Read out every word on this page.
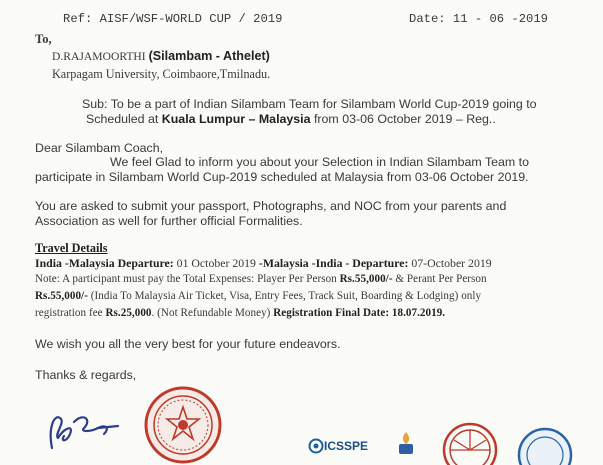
Ref: AISF/WSF-WORLD CUP / 2019	Date: 11 - 06 -2019
To,
D.RAJAMOORTHI (Silambam - Athelet)
Karpagam University, Coimbaore,Tmilnadu.
Sub: To be a part of Indian Silambam Team for Silambam World Cup-2019 going to
Scheduled at Kuala Lumpur – Malaysia from 03-06 October 2019 – Reg..
Dear Silambam Coach,
We feel Glad to inform you about your Selection in Indian Silambam Team to
participate in Silambam World Cup-2019 scheduled at Malaysia from 03-06 October 2019.
You are asked to submit your passport, Photographs, and NOC from your parents and
Association as well for further official Formalities.
Travel Details
India -Malaysia Departure: 01 October 2019 -Malaysia -India - Departure: 07-October 2019
Note: A participant must pay the Total Expenses: Player Per Person Rs.55,000/- & Perant Per Person
Rs.55,000/- (India To Malaysia Air Ticket, Visa, Entry Fees, Track Suit, Boarding & Lodging) only
registration fee Rs.25,000. (Not Refundable Money) Registration Final Date: 18.07.2019.
We wish you all the very best for your future endeavors.
Thanks & regards,
ICSSPE
